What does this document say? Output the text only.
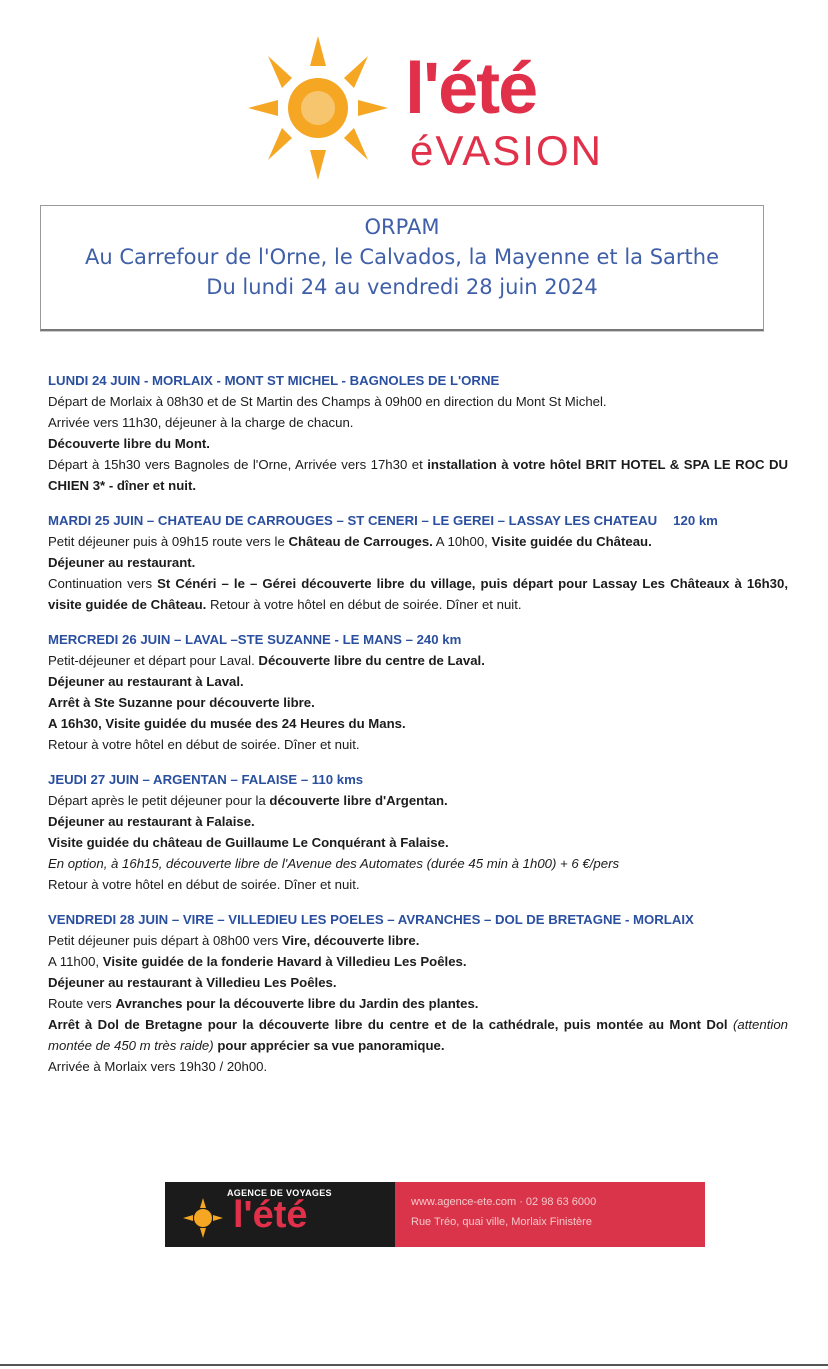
l'été
éVASION
ORPAM
Au Carrefour de l'Orne, le Calvados, la Mayenne et la Sarthe
Du lundi 24 au vendredi 28 juin 2024
LUNDI 24 JUIN - MORLAIX - MONT ST MICHEL - BAGNOLES DE L'ORNE
Départ de Morlaix à 08h30 et de St Martin des Champs à 09h00 en direction du Mont St Michel.
Arrivée vers 11h30, déjeuner à la charge de chacun.
Découverte libre du Mont.
Départ à 15h30 vers Bagnoles de l'Orne, Arrivée vers 17h30 et installation à votre hôtel BRIT HOTEL & SPA LE ROC DU CHIEN 3* - dîner et nuit.
MARDI 25 JUIN – CHATEAU DE CARROUGES – ST CENERI – LE GEREI – LASSAY LES CHATEAU 120 km
Petit déjeuner puis à 09h15 route vers le Château de Carrouges. A 10h00, Visite guidée du Château.
Déjeuner au restaurant.
Continuation vers St Cénéri – le – Gérei découverte libre du village, puis départ pour Lassay Les Châteaux à 16h30, visite guidée de Château. Retour à votre hôtel en début de soirée. Dîner et nuit.
MERCREDI 26 JUIN – LAVAL –STE SUZANNE - LE MANS – 240 km
Petit-déjeuner et départ pour Laval. Découverte libre du centre de Laval.
Déjeuner au restaurant à Laval.
Arrêt à Ste Suzanne pour découverte libre.
A 16h30, Visite guidée du musée des 24 Heures du Mans.
Retour à votre hôtel en début de soirée. Dîner et nuit.
JEUDI 27 JUIN – ARGENTAN – FALAISE – 110 kms
Départ après le petit déjeuner pour la découverte libre d'Argentan.
Déjeuner au restaurant à Falaise.
Visite guidée du château de Guillaume Le Conquérant à Falaise.
En option, à 16h15, découverte libre de l'Avenue des Automates (durée 45 min à 1h00) + 6 €/pers
Retour à votre hôtel en début de soirée. Dîner et nuit.
VENDREDI 28 JUIN – VIRE – VILLEDIEU LES POELES – AVRANCHES – DOL DE BRETAGNE - MORLAIX
Petit déjeuner puis départ à 08h00 vers Vire, découverte libre.
A 11h00, Visite guidée de la fonderie Havard à Villedieu Les Poêles.
Déjeuner au restaurant à Villedieu Les Poêles.
Route vers Avranches pour la découverte libre du Jardin des plantes.
Arrêt à Dol de Bretagne pour la découverte libre du centre et de la cathédrale, puis montée au Mont Dol (attention montée de 450 m très raide) pour apprécier sa vue panoramique.
Arrivée à Morlaix vers 19h30 / 20h00.
AGENCE DE VOYAGES
l'été	www.agence-ete.com · 02 98 63 6000
Rue Tréo, quai ville, Morlaix Finistère
